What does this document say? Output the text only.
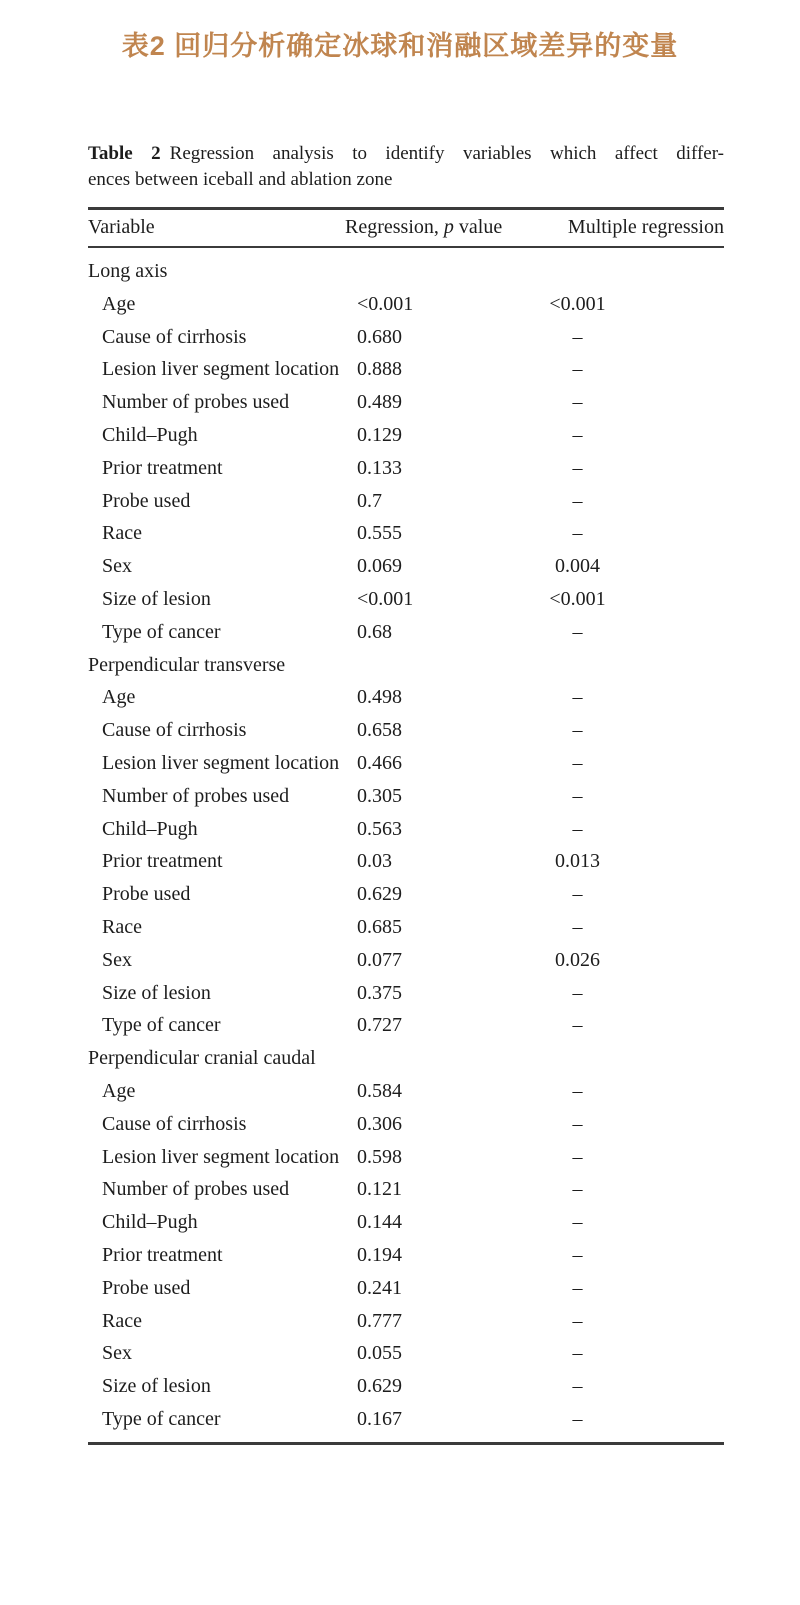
表2 回归分析确定冰球和消融区域差异的变量
Table 2 Regression analysis to identify variables which affect differ-
ences between iceball and ablation zone
Variable	Regression, p value	Multiple regression
Long axis
Age	<0.001	<0.001
Cause of cirrhosis	0.680	–
Lesion liver segment location 0.888	–
Number of probes used	0.489	–
Child–Pugh	0.129	–
Prior treatment	0.133	–
Probe used	0.7	–
Race	0.555	–
Sex	0.069	0.004
Size of lesion	<0.001	<0.001
Type of cancer	0.68	–
Perpendicular transverse
Age	0.498	–
Cause of cirrhosis	0.658	–
Lesion liver segment location 0.466	–
Number of probes used	0.305	–
Child–Pugh	0.563	–
Prior treatment	0.03	0.013
Probe used	0.629	–
Race	0.685	–
Sex	0.077	0.026
Size of lesion	0.375	–
Type of cancer	0.727	–
Perpendicular cranial caudal
Age	0.584	–
Cause of cirrhosis	0.306	–
Lesion liver segment location 0.598	–
Number of probes used	0.121	–
Child–Pugh	0.144	–
Prior treatment	0.194	–
Probe used	0.241	–
Race	0.777	–
Sex	0.055	–
Size of lesion	0.629	–
Type of cancer	0.167	–
